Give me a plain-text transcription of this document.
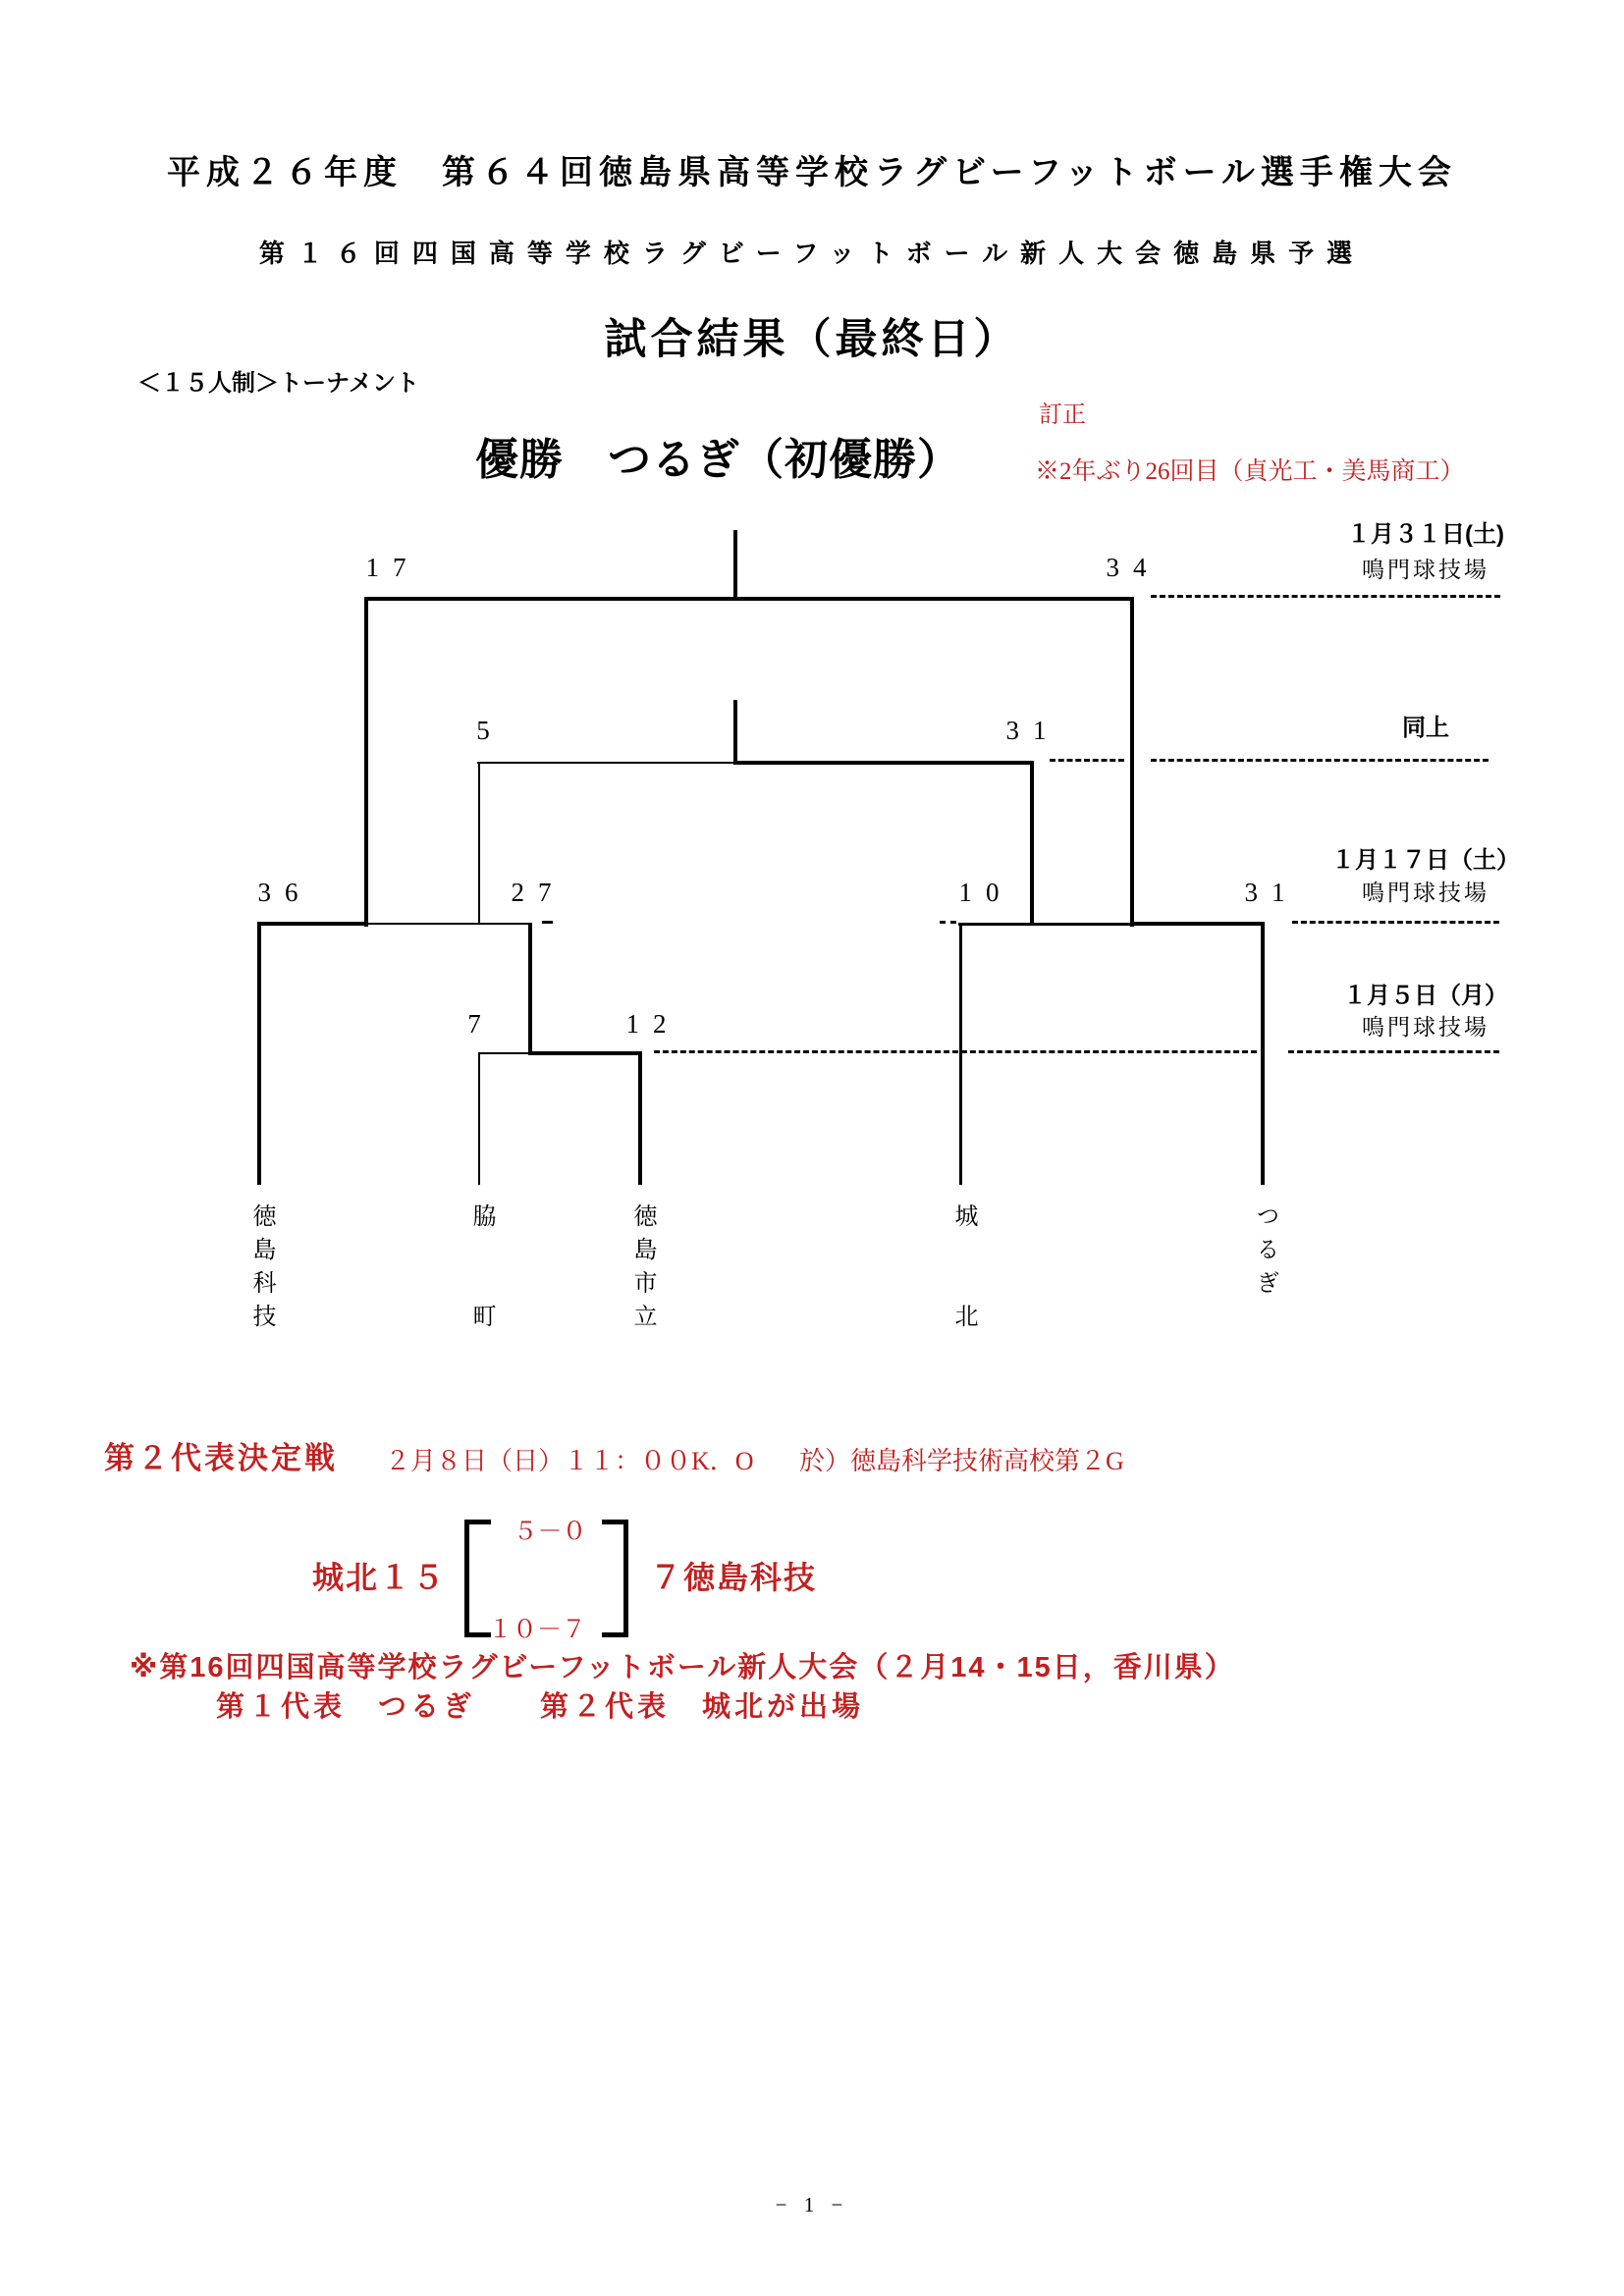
平成２６年度　第６４回徳島県高等学校ラグビーフットボール選手権大会
第１６回四国高等学校ラグビーフットボール新人大会徳島県予選
試合結果（最終日）
＜１５人制＞トーナメント
訂正
優勝　つるぎ（初優勝）	※2年ぶり26回目（貞光工・美馬商工）
17	34
5	31
36	27	10	31
7	12
徳島科技	脇　　町	徳島市立	城　　北	つるぎ
１月３１日(土)
鳴門球技場
同上
１月１７日（土）
鳴門球技場
１月５日（月）
鳴門球技場
第２代表決定戦 ２月８日（日）１１：００K．O 於）徳島科学技術高校第２G
城北１５
５－０
１０－７
７徳島科技
※第16回四国高等学校ラグビーフットボール新人大会（２月14・15日，香川県）
第１代表　つるぎ　　第２代表　城北が出場
− 1 −
